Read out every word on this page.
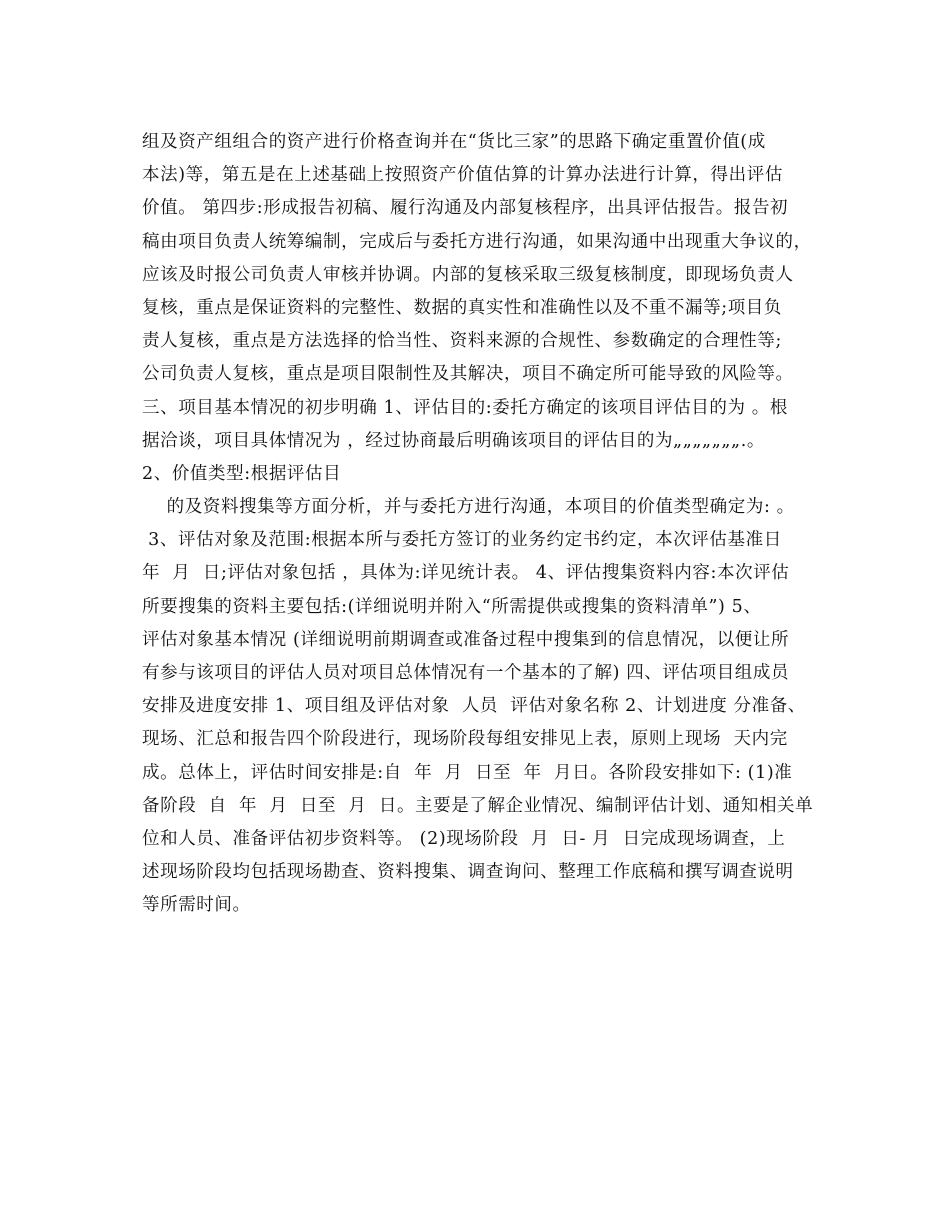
组及资产组组合的资产进行价格查询并在“货比三家”的思路下确定重置价值(成
本法)等，第五是在上述基础上按照资产价值估算的计算办法进行计算，得出评估
价值。 第四步:形成报告初稿、履行沟通及内部复核程序，出具评估报告。报告初
稿由项目负责人统筹编制，完成后与委托方进行沟通，如果沟通中出现重大争议的，
应该及时报公司负责人审核并协调。内部的复核采取三级复核制度，即现场负责人
复核，重点是保证资料的完整性、数据的真实性和准确性以及不重不漏等;项目负
责人复核，重点是方法选择的恰当性、资料来源的合规性、参数确定的合理性等;
公司负责人复核，重点是项目限制性及其解决，项目不确定所可能导致的风险等。
三、项目基本情况的初步明确 1、评估目的:委托方确定的该项目评估目的为 。根
据洽谈，项目具体情况为 ，经过协商最后明确该项目的评估目的为„„„„„„„.。
2、价值类型:根据评估目
的及资料搜集等方面分析，并与委托方进行沟通，本项目的价值类型确定为: 。
3、评估对象及范围:根据本所与委托方签订的业务约定书约定，本次评估基准日
年  月  日;评估对象包括 ，具体为:详见统计表。 4、评估搜集资料内容:本次评估
所要搜集的资料主要包括:(详细说明并附入“所需提供或搜集的资料清单”) 5、
评估对象基本情况 (详细说明前期调查或准备过程中搜集到的信息情况，以便让所
有参与该项目的评估人员对项目总体情况有一个基本的了解) 四、评估项目组成员
安排及进度安排 1、项目组及评估对象  人员  评估对象名称 2、计划进度 分准备、
现场、汇总和报告四个阶段进行，现场阶段每组安排见上表，原则上现场  天内完
成。总体上，评估时间安排是:自  年  月  日至  年  月日。各阶段安排如下: (1)准
备阶段  自  年  月  日至  月  日。主要是了解企业情况、编制评估计划、通知相关单
位和人员、准备评估初步资料等。 (2)现场阶段  月  日- 月  日完成现场调查，上
述现场阶段均包括现场勘查、资料搜集、调查询问、整理工作底稿和撰写调查说明
等所需时间。
